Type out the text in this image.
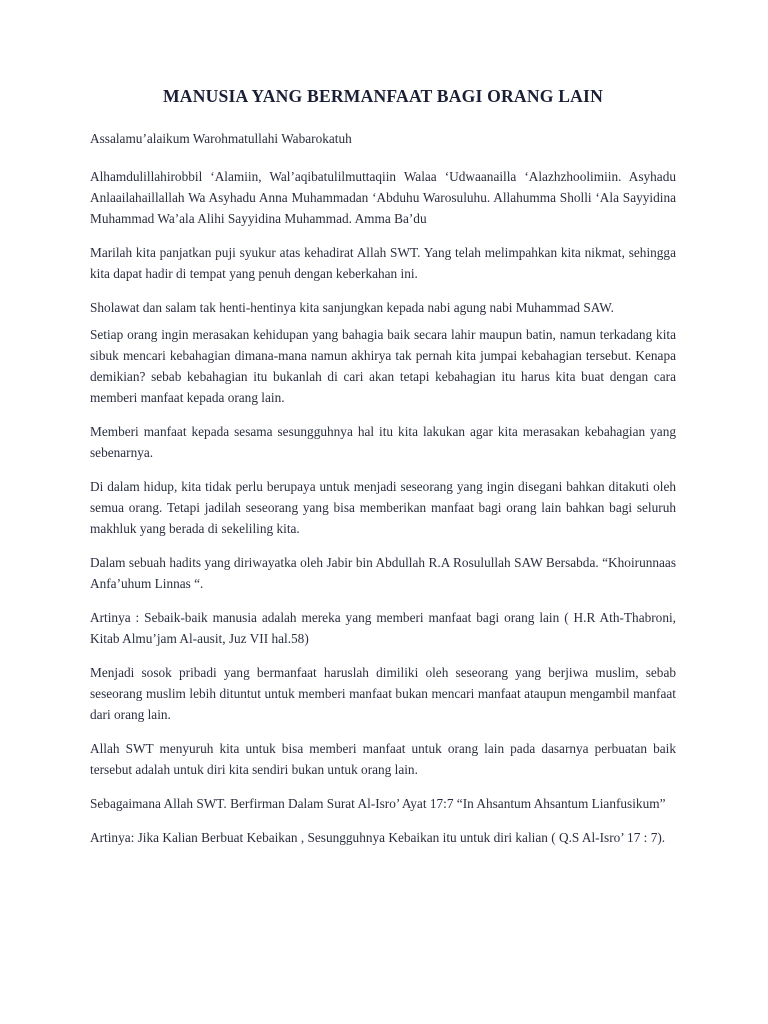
MANUSIA YANG BERMANFAAT BAGI ORANG LAIN

Assalamu’alaikum Warohmatullahi Wabarokatuh

Alhamdulillahirobbil ‘Alamiin, Wal’aqibatulilmuttaqiin Walaa ‘Udwaanailla ‘Alazhzhoolimiin. Asyhadu Anlaailahaillallah Wa Asyhadu Anna Muhammadan ‘Abduhu Warosuluhu. Allahumma Sholli ‘Ala Sayyidina Muhammad Wa’ala Alihi Sayyidina Muhammad. Amma Ba’du

Marilah kita panjatkan puji syukur atas kehadirat Allah SWT. Yang telah melimpahkan kita nikmat, sehingga kita dapat hadir di tempat yang penuh dengan keberkahan ini.

Sholawat dan salam tak henti-hentinya kita sanjungkan kepada nabi agung nabi Muhammad SAW.

Setiap orang ingin merasakan kehidupan yang bahagia baik secara lahir maupun batin, namun terkadang kita sibuk mencari kebahagian dimana-mana namun akhirya tak pernah kita jumpai kebahagian tersebut. Kenapa demikian? sebab kebahagian itu bukanlah di cari akan tetapi kebahagian itu harus kita buat dengan cara memberi manfaat kepada orang lain.

Memberi manfaat kepada sesama sesungguhnya hal itu kita lakukan agar kita merasakan kebahagian yang sebenarnya.

Di dalam hidup, kita tidak perlu berupaya untuk menjadi seseorang yang ingin disegani bahkan ditakuti oleh semua orang. Tetapi jadilah seseorang yang bisa memberikan manfaat bagi orang lain bahkan bagi seluruh makhluk yang berada di sekeliling kita.

Dalam sebuah hadits yang diriwayatka oleh Jabir bin Abdullah R.A Rosulullah SAW Bersabda. “Khoirunnaas Anfa’uhum Linnas “.

Artinya : Sebaik-baik manusia adalah mereka yang memberi manfaat bagi orang lain ( H.R Ath-Thabroni, Kitab Almu’jam Al-ausit, Juz VII hal.58)

Menjadi sosok pribadi yang bermanfaat haruslah dimiliki oleh seseorang yang berjiwa muslim, sebab seseorang muslim lebih dituntut untuk memberi manfaat bukan mencari manfaat ataupun mengambil manfaat dari orang lain.

Allah SWT menyuruh kita untuk bisa memberi manfaat untuk orang lain pada dasarnya perbuatan baik tersebut adalah untuk diri kita sendiri bukan untuk orang lain.

Sebagaimana Allah SWT. Berfirman Dalam Surat Al-Isro’ Ayat 17:7 “In Ahsantum Ahsantum Lianfusikum”

Artinya: Jika Kalian Berbuat Kebaikan , Sesungguhnya Kebaikan itu untuk diri kalian ( Q.S Al-Isro’ 17 : 7).
